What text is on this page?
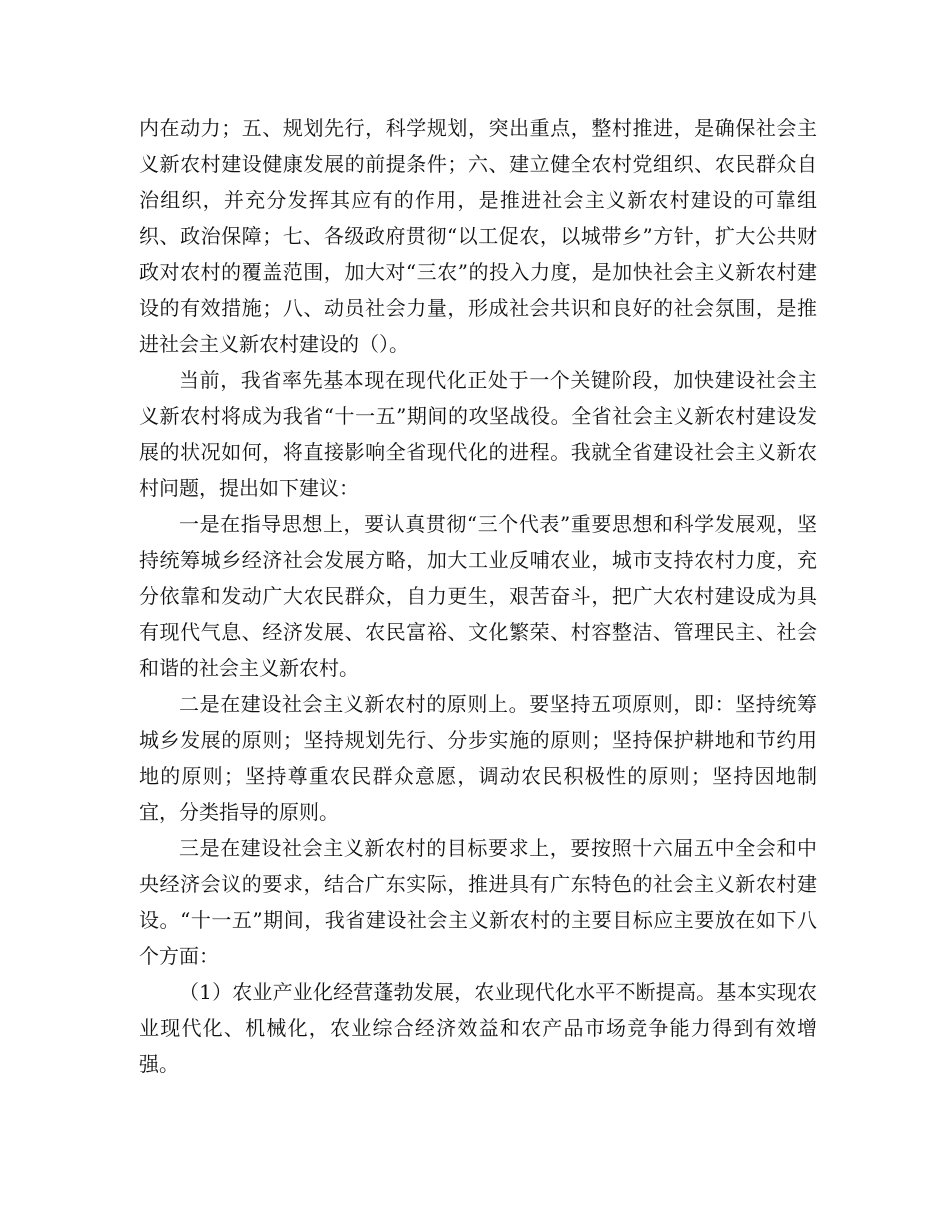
内在动力；五、规划先行，科学规划，突出重点，整村推进，是确保社会主义新农村建设健康发展的前提条件；六、建立健全农村党组织、农民群众自治组织，并充分发挥其应有的作用，是推进社会主义新农村建设的可靠组织、政治保障；七、各级政府贯彻“以工促农，以城带乡”方针，扩大公共财政对农村的覆盖范围，加大对“三农”的投入力度，是加快社会主义新农村建设的有效措施；八、动员社会力量，形成社会共识和良好的社会氛围，是推进社会主义新农村建设的（）。

当前，我省率先基本现在现代化正处于一个关键阶段，加快建设社会主义新农村将成为我省“十一五”期间的攻坚战役。全省社会主义新农村建设发展的状况如何，将直接影响全省现代化的进程。我就全省建设社会主义新农村问题，提出如下建议：

一是在指导思想上，要认真贯彻“三个代表”重要思想和科学发展观，坚持统筹城乡经济社会发展方略，加大工业反哺农业，城市支持农村力度，充分依靠和发动广大农民群众，自力更生，艰苦奋斗，把广大农村建设成为具有现代气息、经济发展、农民富裕、文化繁荣、村容整洁、管理民主、社会和谐的社会主义新农村。

二是在建设社会主义新农村的原则上。要坚持五项原则，即：坚持统筹城乡发展的原则；坚持规划先行、分步实施的原则；坚持保护耕地和节约用地的原则；坚持尊重农民群众意愿，调动农民积极性的原则；坚持因地制宜，分类指导的原则。

三是在建设社会主义新农村的目标要求上，要按照十六届五中全会和中央经济会议的要求，结合广东实际，推进具有广东特色的社会主义新农村建设。“十一五”期间，我省建设社会主义新农村的主要目标应主要放在如下八个方面：

（1）农业产业化经营蓬勃发展，农业现代化水平不断提高。基本实现农业现代化、机械化，农业综合经济效益和农产品市场竞争能力得到有效增强。
